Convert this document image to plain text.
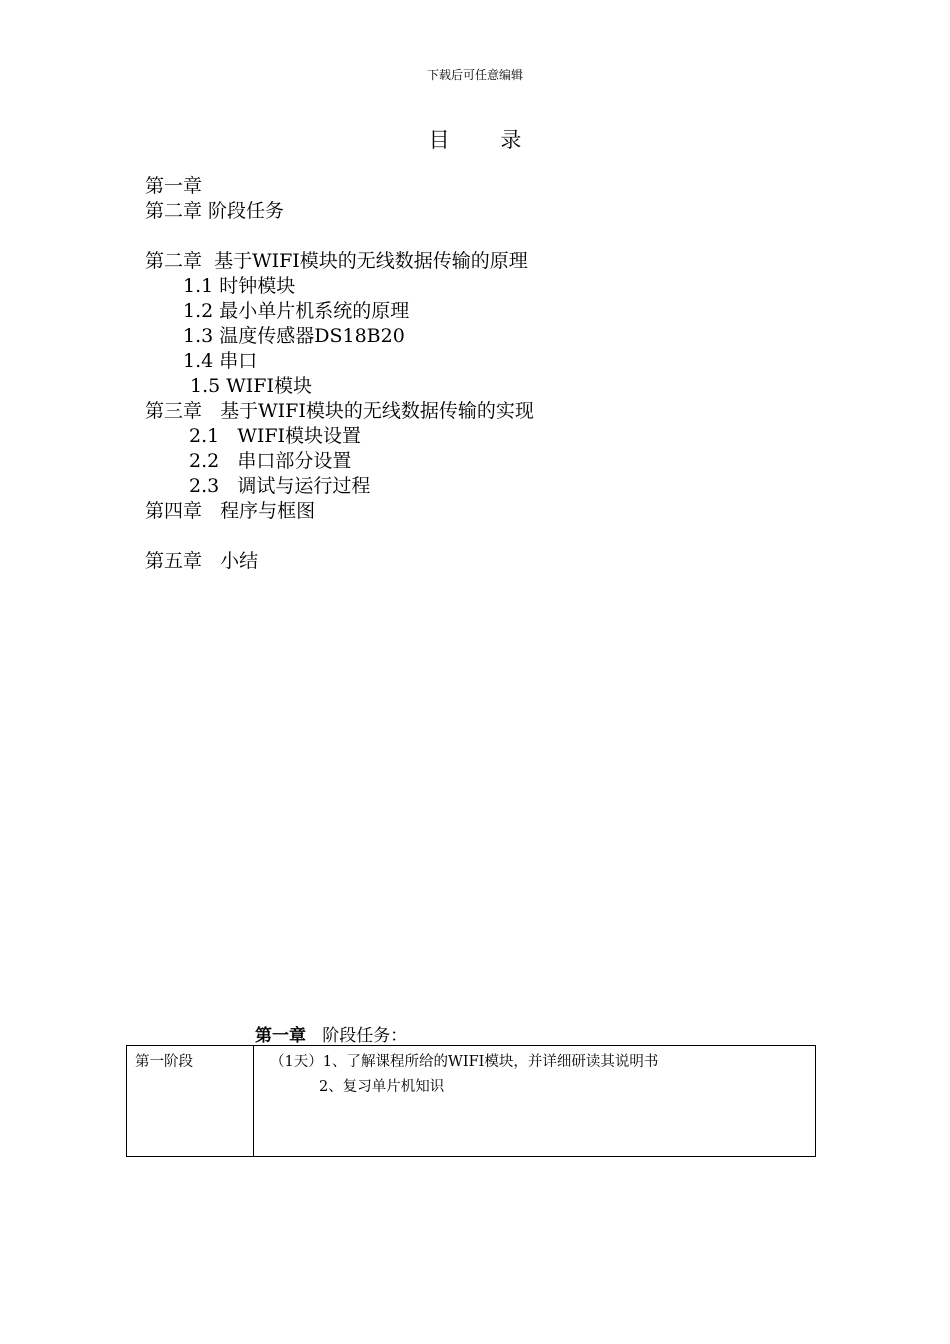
下载后可任意编辑
目 录
第一章
第二章 阶段任务
第二章  基于WIFI模块的无线数据传输的原理
1.1 时钟模块
1.2 最小单片机系统的原理
1.3 温度传感器DS18B20
1.4 串口
1.5 WIFI模块
第三章   基于WIFI模块的无线数据传输的实现
2.1   WIFI模块设置
2.2   串口部分设置
2.3   调试与运行过程
第四章   程序与框图
第五章   小结
第一章 阶段任务：
第一阶段	（1天）1、了解课程所给的WIFI模块，并详细研读其说明书
2、复习单片机知识
